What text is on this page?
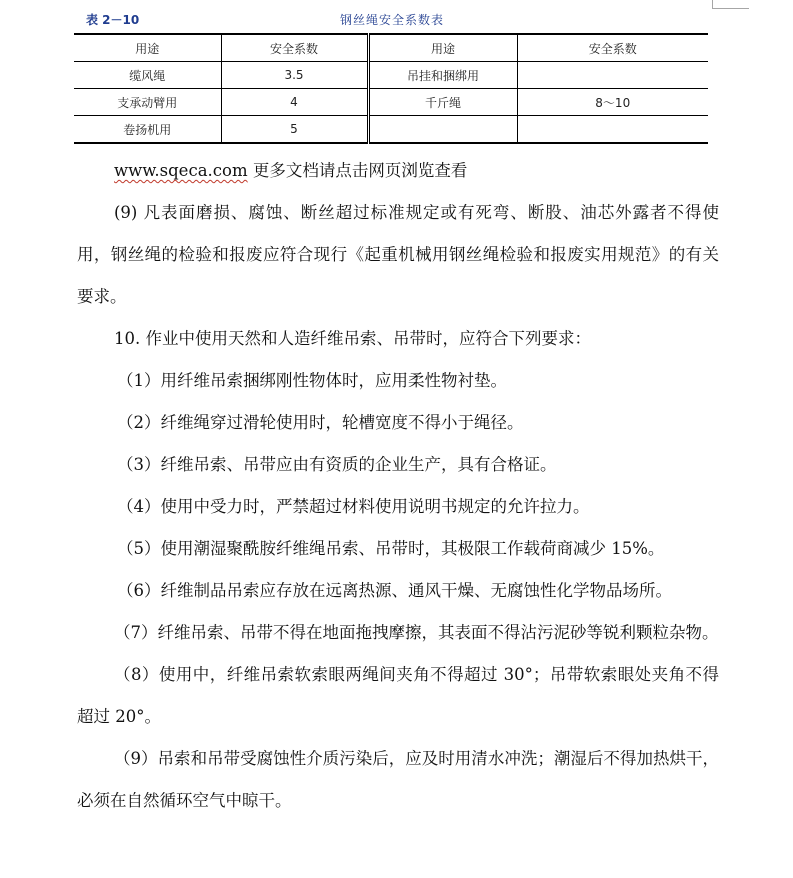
表 2－10	钢丝绳安全系数表
用途	安全系数	用途	安全系数
缆风绳	3.5	吊挂和捆绑用	
支承动臂用	4	千斤绳	8～10
卷扬机用	5		

www.sqeca.com 更多文档请点击网页浏览查看

(9) 凡表面磨损、腐蚀、断丝超过标准规定或有死弯、断股、油芯外露者不得使用，钢丝绳的检验和报废应符合现行《起重机械用钢丝绳检验和报废实用规范》的有关要求。

10. 作业中使用天然和人造纤维吊索、吊带时，应符合下列要求：

（1）用纤维吊索捆绑刚性物体时，应用柔性物衬垫。

（2）纤维绳穿过滑轮使用时，轮槽宽度不得小于绳径。

（3）纤维吊索、吊带应由有资质的企业生产，具有合格证。

（4）使用中受力时，严禁超过材料使用说明书规定的允许拉力。

（5）使用潮湿聚酰胺纤维绳吊索、吊带时，其极限工作载荷商减少 15%。

（6）纤维制品吊索应存放在远离热源、通风干燥、无腐蚀性化学物品场所。

（7）纤维吊索、吊带不得在地面拖拽摩擦，其表面不得沾污泥砂等锐利颗粒杂物。

（8）使用中，纤维吊索软索眼两绳间夹角不得超过 30°；吊带软索眼处夹角不得超过 20°。

（9）吊索和吊带受腐蚀性介质污染后，应及时用清水冲洗；潮湿后不得加热烘干，必须在自然循环空气中晾干。
